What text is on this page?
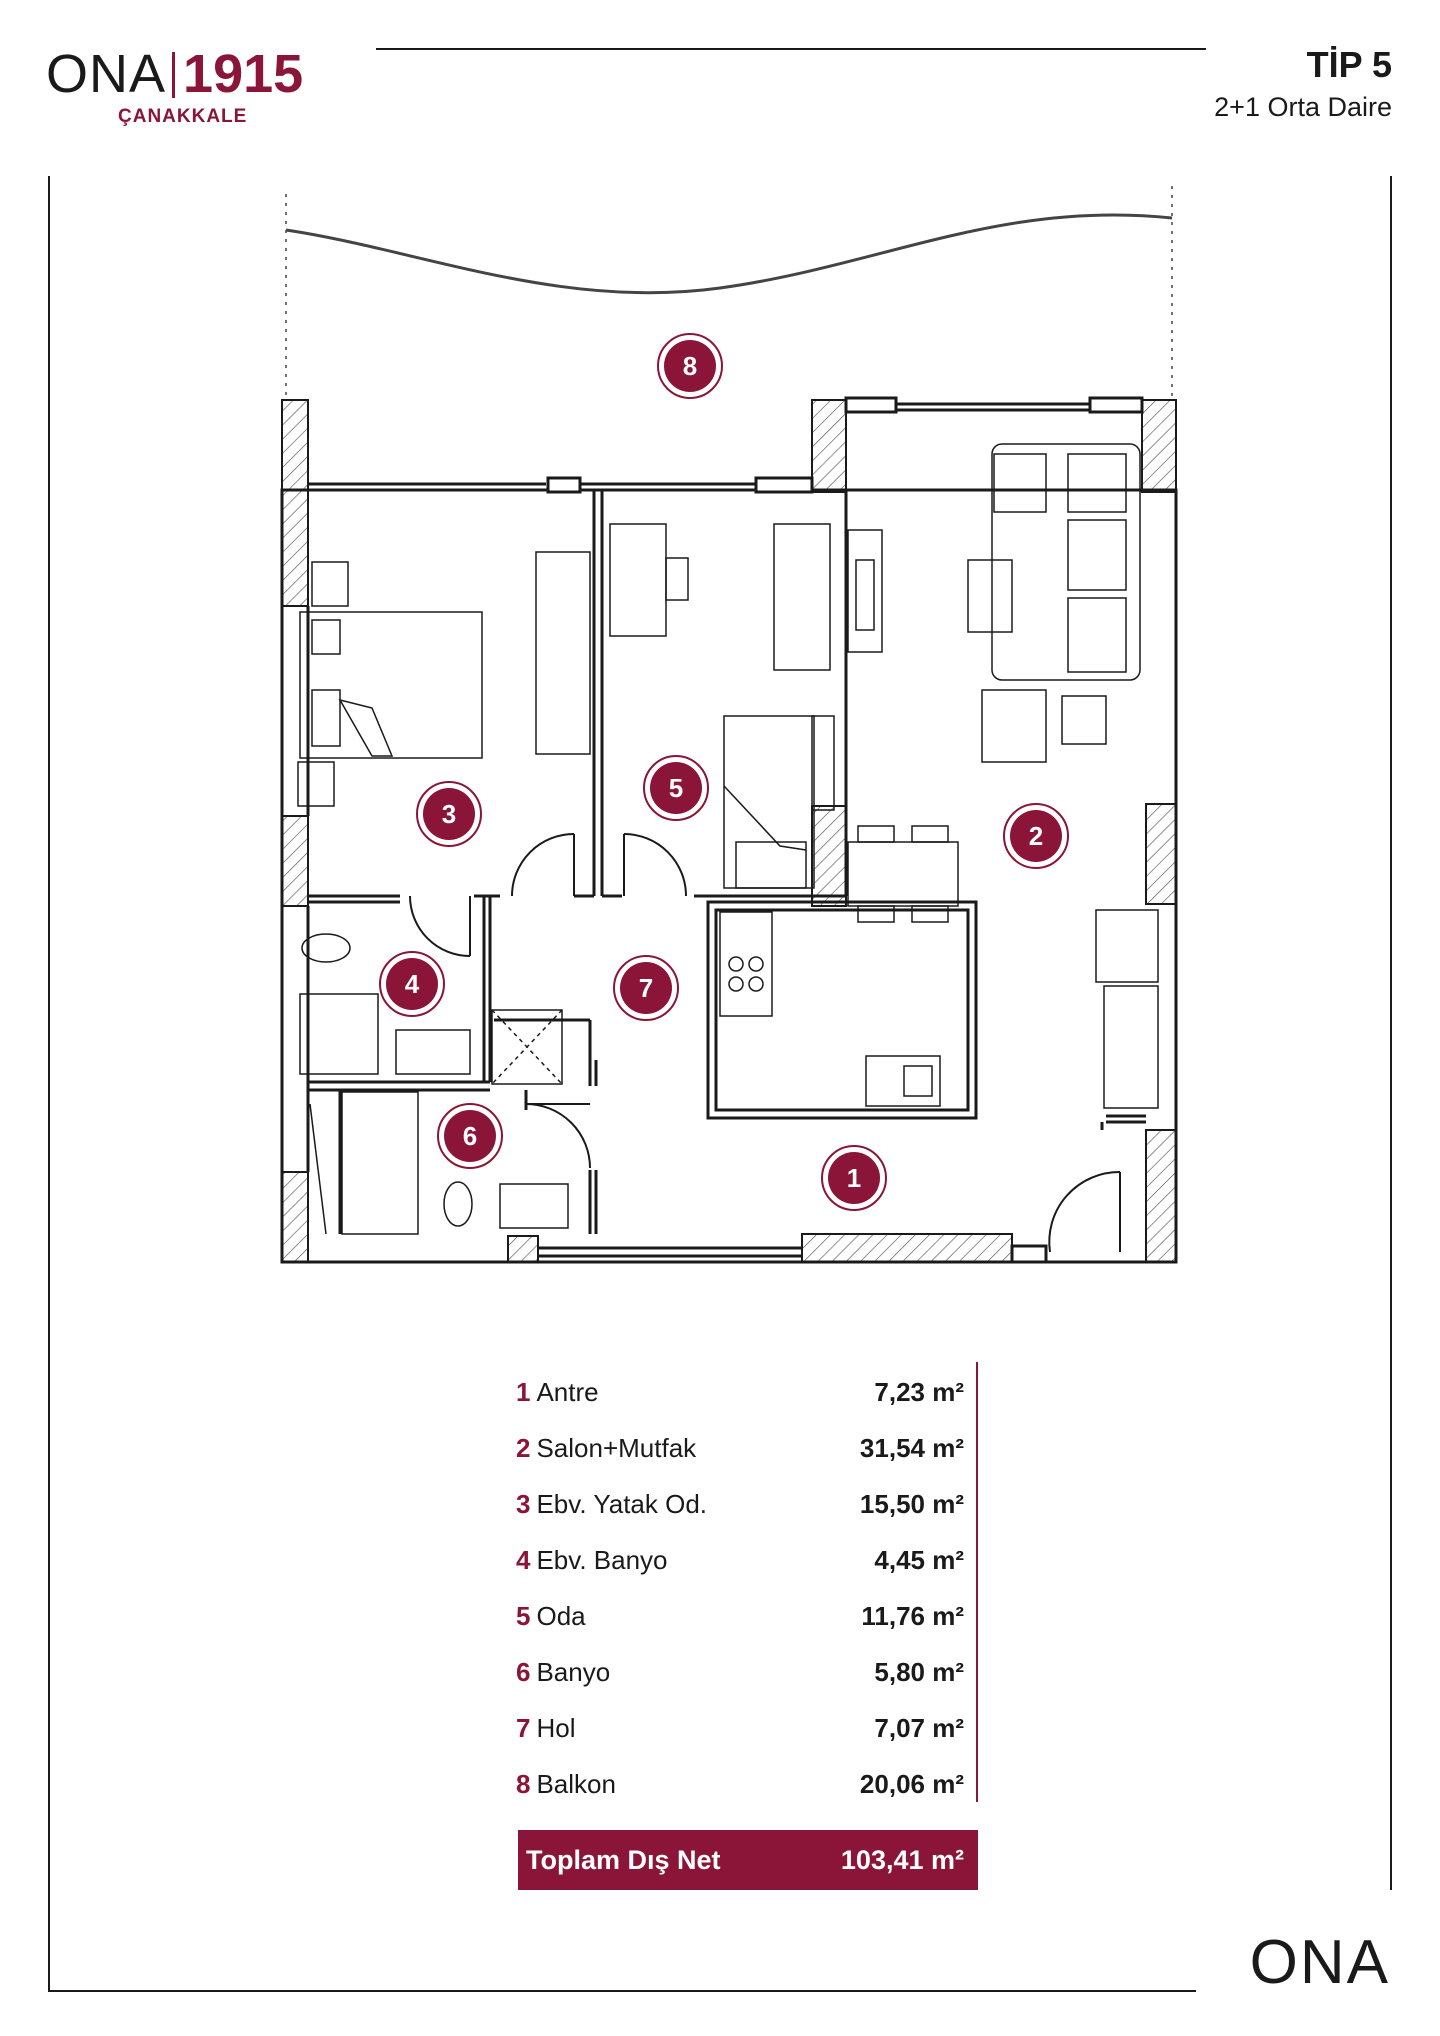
ONA 1915
ÇANAKKALE
TİP 5
2+1 Orta Daire
1
2
3
4
5
6
7
8
1 Antre	7,23 m²
2 Salon+Mutfak	31,54 m²
3 Ebv. Yatak Od.	15,50 m²
4 Ebv. Banyo	4,45 m²
5 Oda	11,76 m²
6 Banyo	5,80 m²
7 Hol	7,07 m²
8 Balkon	20,06 m²
Toplam Dış Net	103,41 m²
ONA
